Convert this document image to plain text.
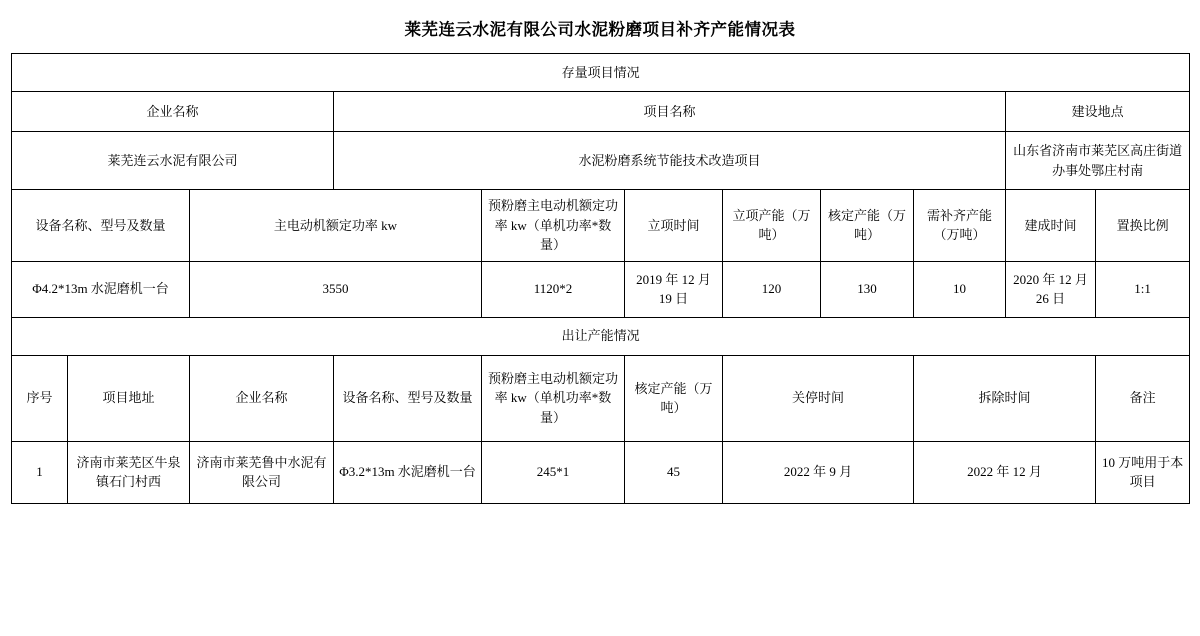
莱芜连云水泥有限公司水泥粉磨项目补齐产能情况表
存量项目情况										
企业名称			项目名称						建设地点	
莱芜连云水泥有限公司			水泥粉磨系统节能技术改造项目						山东省济南市莱芜区高庄街道办事处鄂庄村南	
设备名称、型号及数量		主电动机额定功率 kw		预粉磨主电动机额定功率 kw（单机功率*数量）	立项时间	立项产能（万吨）	核定产能（万吨）	需补齐产能（万吨）	建成时间	置换比例
Φ4.2*13m 水泥磨机一台		3550		1120*2	2019 年 12 月 19 日	120	130	10	2020 年 12 月 26 日	1:1
出让产能情况										
序号	项目地址	企业名称	设备名称、型号及数量	预粉磨主电动机额定功率 kw（单机功率*数量）	核定产能（万吨）	关停时间		拆除时间		备注
1	济南市莱芜区牛泉镇石门村西	济南市莱芜鲁中水泥有限公司	Φ3.2*13m 水泥磨机一台	245*1	45	2022 年 9 月		2022 年 12 月		10 万吨用于本项目
